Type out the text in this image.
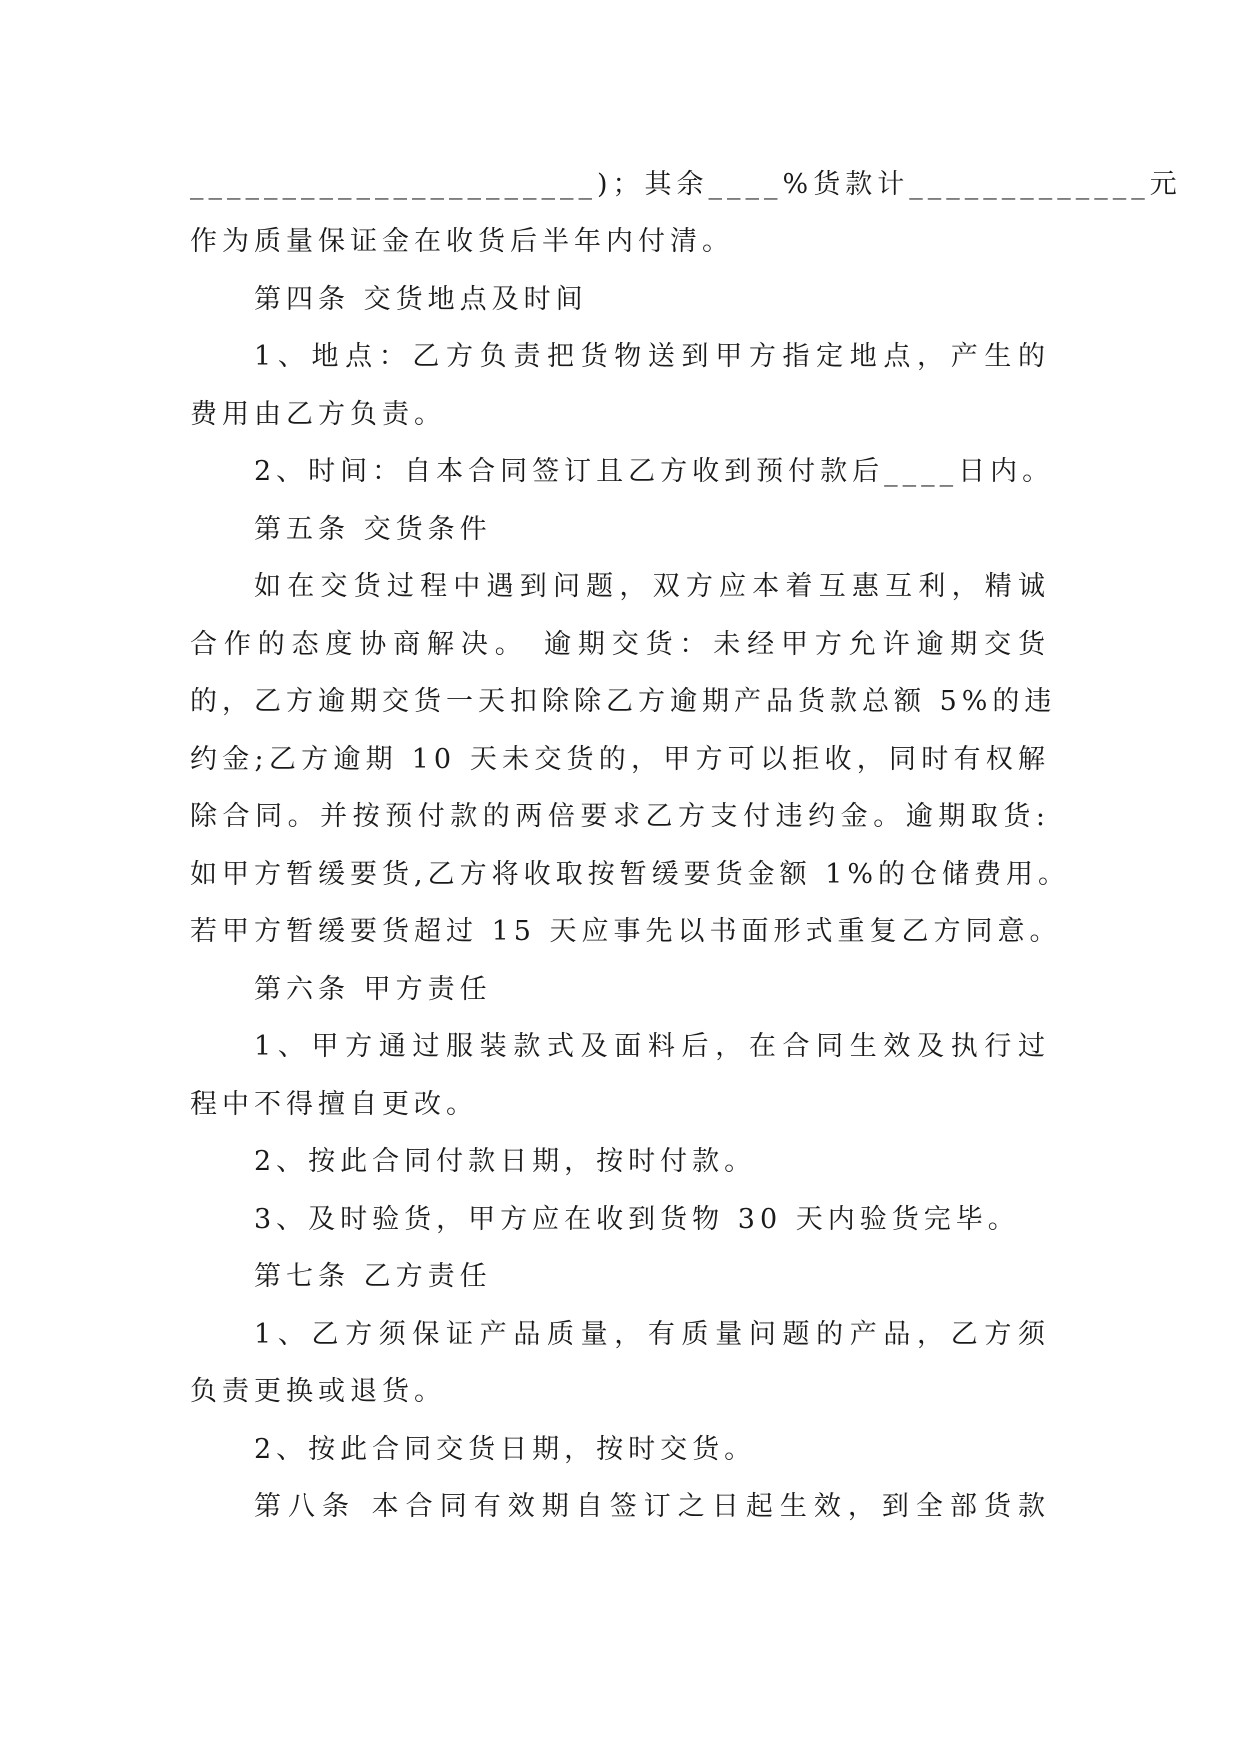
______________________)；其余____%货款计_____________元

作为质量保证金在收货后半年内付清。

第四条 交货地点及时间

1、地点：乙方负责把货物送到甲方指定地点，产生的

费用由乙方负责。

2、时间：自本合同签订且乙方收到预付款后____日内。

第五条 交货条件

如在交货过程中遇到问题，双方应本着互惠互利，精诚

合作的态度协商解决。 逾期交货：未经甲方允许逾期交货

的，乙方逾期交货一天扣除除乙方逾期产品货款总额 5%的违

约金;乙方逾期 10 天未交货的，甲方可以拒收，同时有权解

除合同。并按预付款的两倍要求乙方支付违约金。逾期取货:

如甲方暂缓要货,乙方将收取按暂缓要货金额 1%的仓储费用。

若甲方暂缓要货超过 15 天应事先以书面形式重复乙方同意。

第六条 甲方责任

1、甲方通过服装款式及面料后，在合同生效及执行过

程中不得擅自更改。

2、按此合同付款日期，按时付款。

3、及时验货，甲方应在收到货物 30 天内验货完毕。

第七条 乙方责任

1、乙方须保证产品质量，有质量问题的产品，乙方须

负责更换或退货。

2、按此合同交货日期，按时交货。

第八条 本合同有效期自签订之日起生效，到全部货款
